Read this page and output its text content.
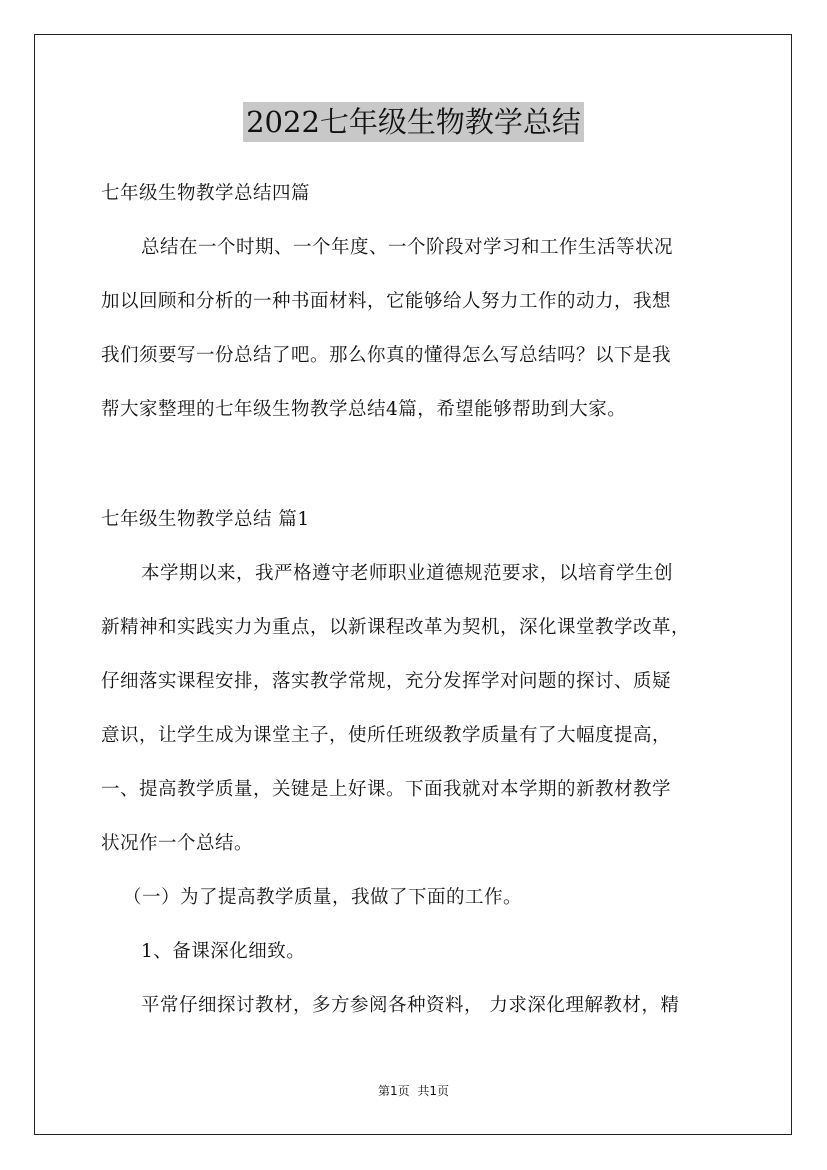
2022七年级生物教学总结
七年级生物教学总结四篇
总结在一个时期、一个年度、一个阶段对学习和工作生活等状况
加以回顾和分析的一种书面材料，它能够给人努力工作的动力，我想
我们须要写一份总结了吧。那么你真的懂得怎么写总结吗？以下是我
帮大家整理的七年级生物教学总结4篇，希望能够帮助到大家。
七年级生物教学总结 篇1
本学期以来，我严格遵守老师职业道德规范要求，以培育学生创
新精神和实践实力为重点，以新课程改革为契机，深化课堂教学改革，
仔细落实课程安排，落实教学常规，充分发挥学对问题的探讨、质疑
意识，让学生成为课堂主子，使所任班级教学质量有了大幅度提高，
一、提高教学质量，关键是上好课。下面我就对本学期的新教材教学
状况作一个总结。
（一）为了提高教学质量，我做了下面的工作。
1、备课深化细致。
平常仔细探讨教材，多方参阅各种资料， 力求深化理解教材，精
第1页 共1页
